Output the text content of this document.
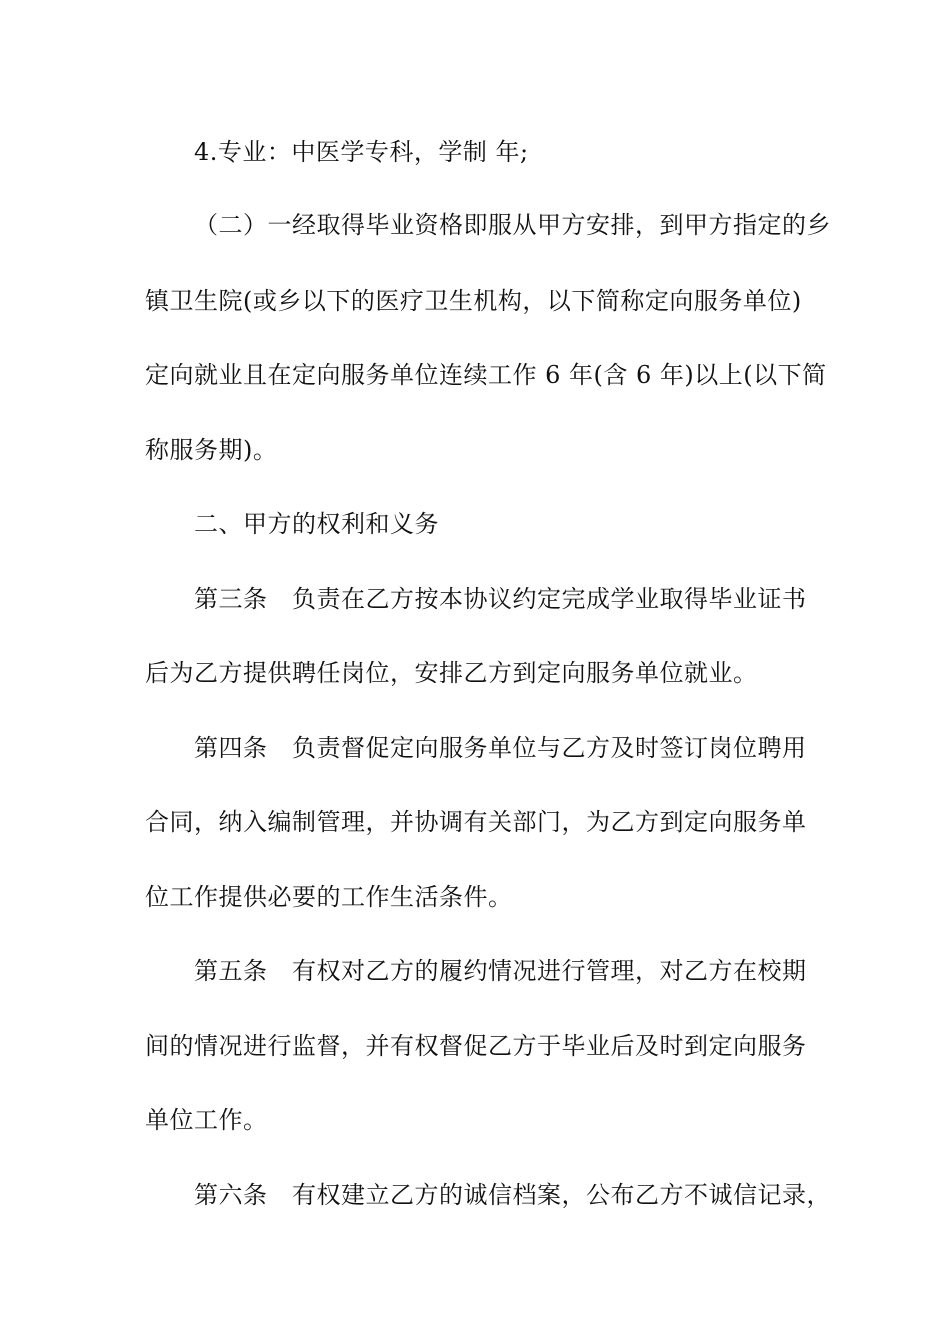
4.专业：中医学专科，学制 年;
（二）一经取得毕业资格即服从甲方安排，到甲方指定的乡
镇卫生院(或乡以下的医疗卫生机构，以下简称定向服务单位)
定向就业且在定向服务单位连续工作 6 年(含 6 年)以上(以下简
称服务期)。
二、甲方的权利和义务
第三条　负责在乙方按本协议约定完成学业取得毕业证书
后为乙方提供聘任岗位，安排乙方到定向服务单位就业。
第四条　负责督促定向服务单位与乙方及时签订岗位聘用
合同，纳入编制管理，并协调有关部门，为乙方到定向服务单
位工作提供必要的工作生活条件。
第五条　有权对乙方的履约情况进行管理，对乙方在校期
间的情况进行监督，并有权督促乙方于毕业后及时到定向服务
单位工作。
第六条　有权建立乙方的诚信档案，公布乙方不诚信记录，
